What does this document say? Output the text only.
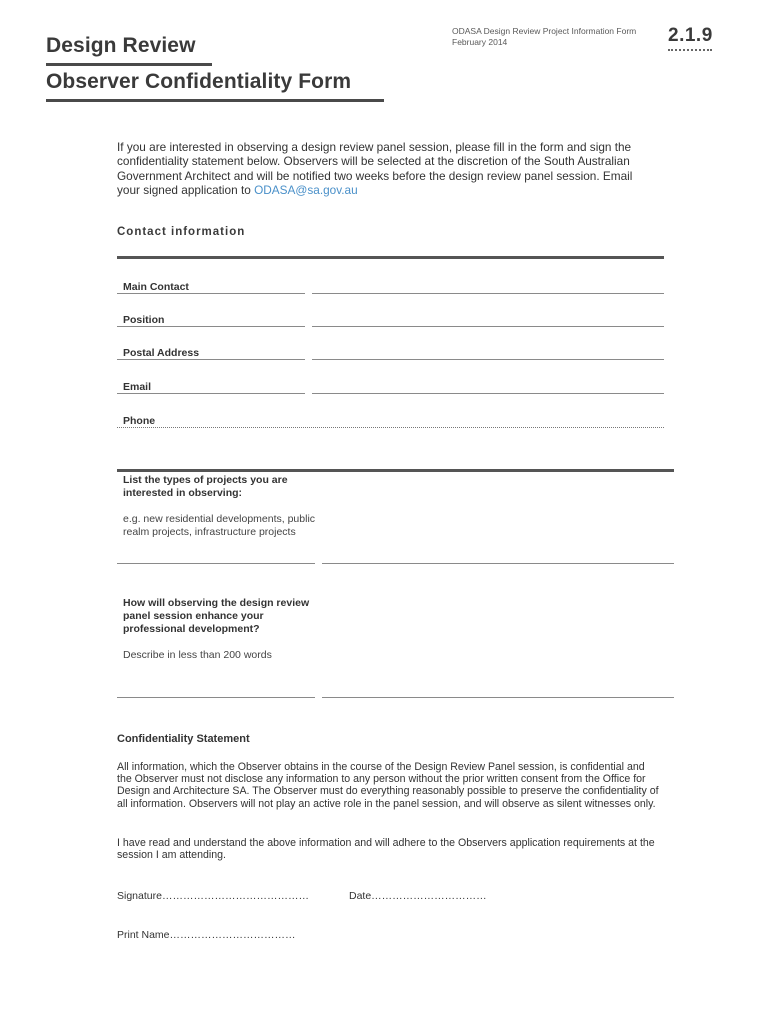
Design Review
Observer Confidentiality Form
ODASA Design Review Project Information Form
February 2014	2.1.9
If you are interested in observing a design review panel session, please fill in the form and sign the confidentiality statement below. Observers will be selected at the discretion of the South Australian Government Architect and will be notified two weeks before the design review panel session. Email your signed application to ODASA@sa.gov.au
Contact information
Main Contact
Position
Postal Address
Email
Phone
List the types of projects you are interested in observing:
e.g. new residential developments, public realm projects, infrastructure projects
How will observing the design review panel session enhance your professional development?
Describe in less than 200 words
Confidentiality Statement
All information, which the Observer obtains in the course of the Design Review Panel session, is confidential and the Observer must not disclose any information to any person without the prior written consent from the Office for Design and Architecture SA. The Observer must do everything reasonably possible to preserve the confidentiality of all information. Observers will not play an active role in the panel session, and will observe as silent witnesses only.
I have read and understand the above information and will adhere to the Observers application requirements at the session I am attending.
Signature……………………………………	Date……………………………
Print Name………………………………
